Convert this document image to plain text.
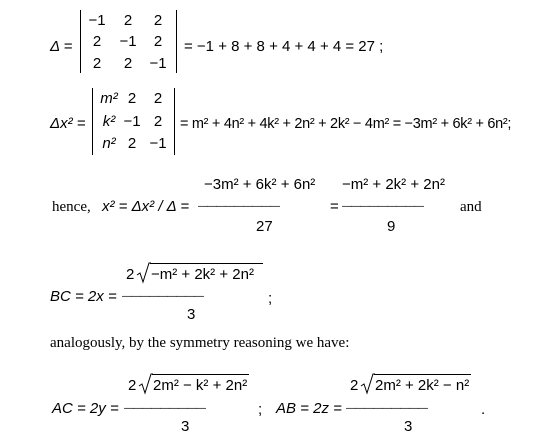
Δ =
−1	2	2
2	−1	2
2	2	−1
= −1 + 8 + 8 + 4 + 4 + 4 = 27 ;
Δx² =
m² 2	2
k² −1 2
n² 2 −1
= m² + 4n² + 4k² + 2n² + 2k² − 4m² = −3m² + 6k² + 6n²;
hence, x² = Δx² / Δ =
−3m² + 6k² + 6n²
—————————
27
=
−m² + 2k² + 2n²
—————————
9
and
BC = 2x =
2 −m² + 2k² + 2n²
—————————
3
;
analogously, by the symmetry reasoning we have:
AC = 2y =
2 2m² − k² + 2n²
—————————
3
; AB = 2z =
2 2m² + 2k² − n²
—————————
3
.
